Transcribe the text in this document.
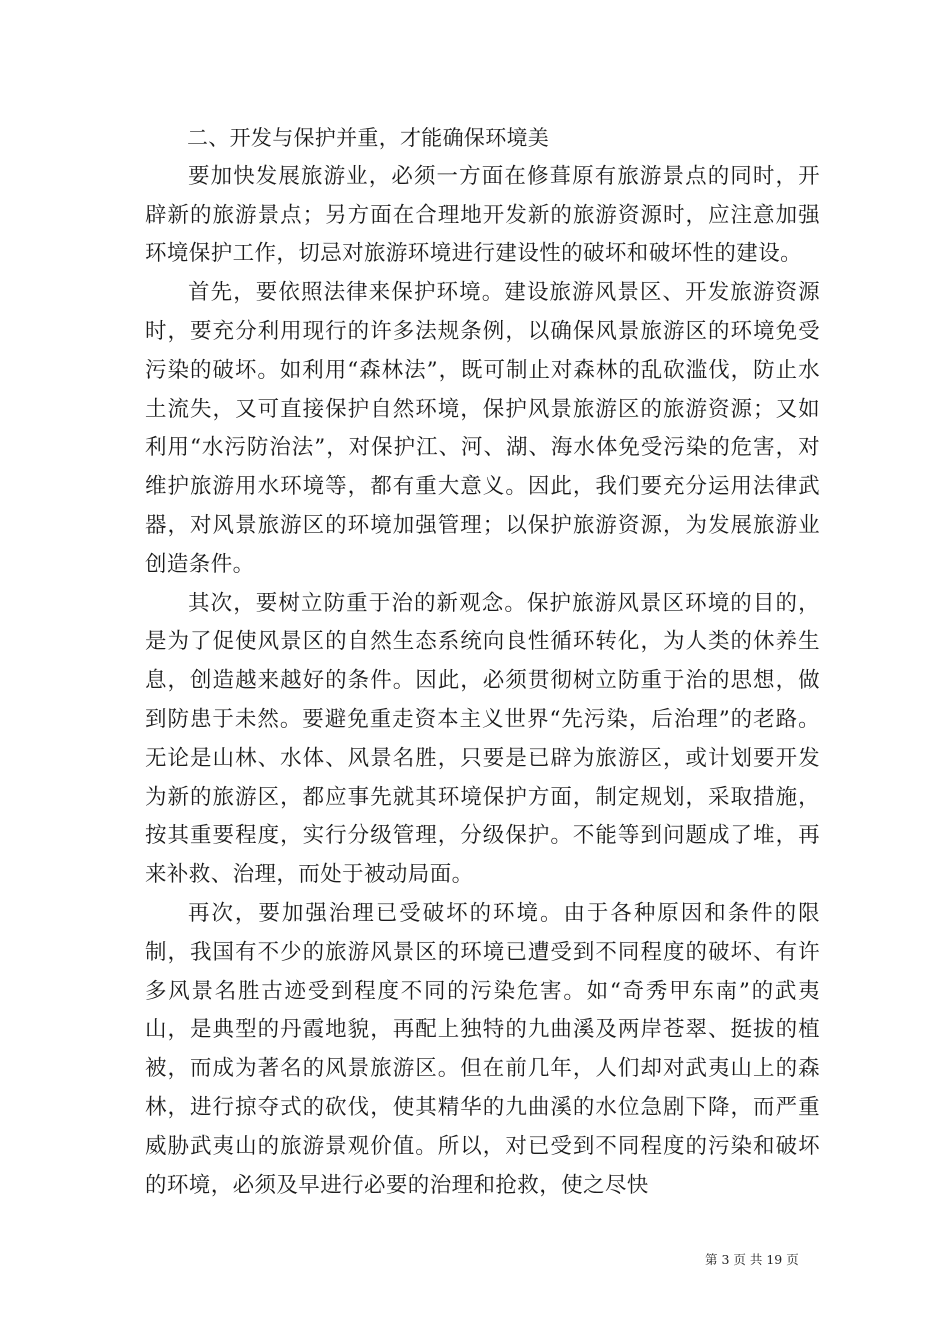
二、开发与保护并重，才能确保环境美

要加快发展旅游业，必须一方面在修葺原有旅游景点的同时，开辟新的旅游景点；另方面在合理地开发新的旅游资源时，应注意加强环境保护工作，切忌对旅游环境进行建设性的破坏和破坏性的建设。

首先，要依照法律来保护环境。建设旅游风景区、开发旅游资源时，要充分利用现行的许多法规条例，以确保风景旅游区的环境免受污染的破坏。如利用“森林法”，既可制止对森林的乱砍滥伐，防止水土流失，又可直接保护自然环境，保护风景旅游区的旅游资源；又如利用“水污防治法”，对保护江、河、湖、海水体免受污染的危害，对维护旅游用水环境等，都有重大意义。因此，我们要充分运用法律武器，对风景旅游区的环境加强管理；以保护旅游资源，为发展旅游业创造条件。

其次，要树立防重于治的新观念。保护旅游风景区环境的目的，是为了促使风景区的自然生态系统向良性循环转化，为人类的休养生息，创造越来越好的条件。因此，必须贯彻树立防重于治的思想，做到防患于未然。要避免重走资本主义世界“先污染，后治理”的老路。无论是山林、水体、风景名胜，只要是已辟为旅游区，或计划要开发为新的旅游区，都应事先就其环境保护方面，制定规划，采取措施，按其重要程度，实行分级管理，分级保护。不能等到问题成了堆，再来补救、治理，而处于被动局面。

再次，要加强治理已受破坏的环境。由于各种原因和条件的限制，我国有不少的旅游风景区的环境已遭受到不同程度的破坏、有许多风景名胜古迹受到程度不同的污染危害。如“奇秀甲东南”的武夷山，是典型的丹霞地貌，再配上独特的九曲溪及两岸苍翠、挺拔的植被，而成为著名的风景旅游区。但在前几年，人们却对武夷山上的森林，进行掠夺式的砍伐，使其精华的九曲溪的水位急剧下降，而严重威胁武夷山的旅游景观价值。所以，对已受到不同程度的污染和破坏的环境，必须及早进行必要的治理和抢救，使之尽快

第 3 页 共 19 页
